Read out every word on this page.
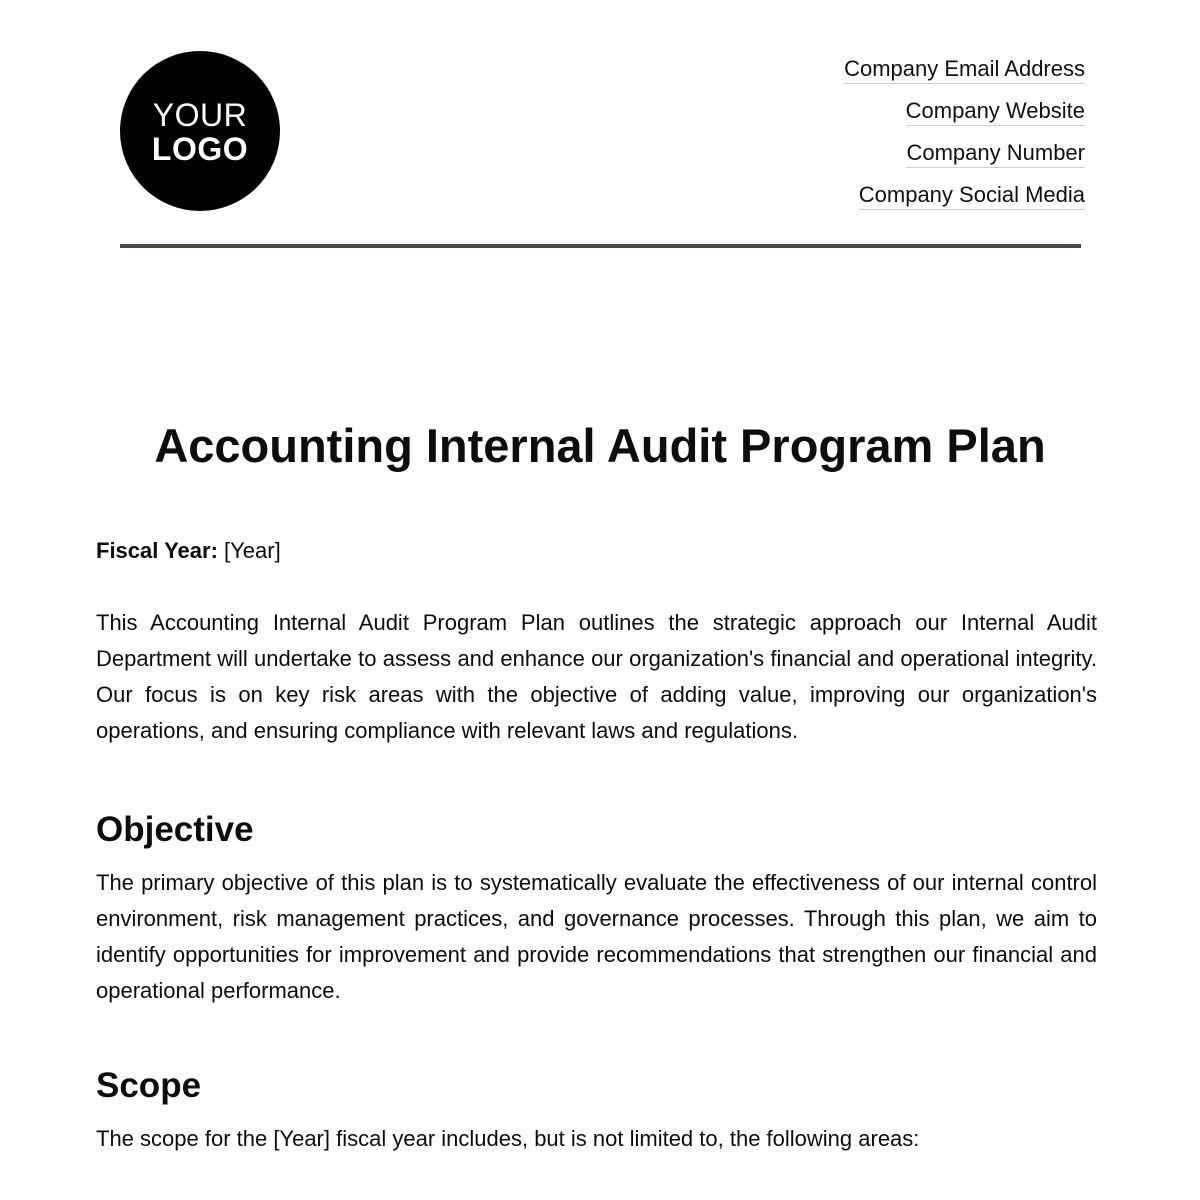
YOUR
LOGO
Company Email Address
Company Website
Company Number
Company Social Media
Accounting Internal Audit Program Plan

Fiscal Year: [Year]

This Accounting Internal Audit Program Plan outlines the strategic approach our Internal Audit Department will undertake to assess and enhance our organization's financial and operational integrity. Our focus is on key risk areas with the objective of adding value, improving our organization's operations, and ensuring compliance with relevant laws and regulations.

Objective

The primary objective of this plan is to systematically evaluate the effectiveness of our internal control environment, risk management practices, and governance processes. Through this plan, we aim to identify opportunities for improvement and provide recommendations that strengthen our financial and operational performance.

Scope

The scope for the [Year] fiscal year includes, but is not limited to, the following areas:
